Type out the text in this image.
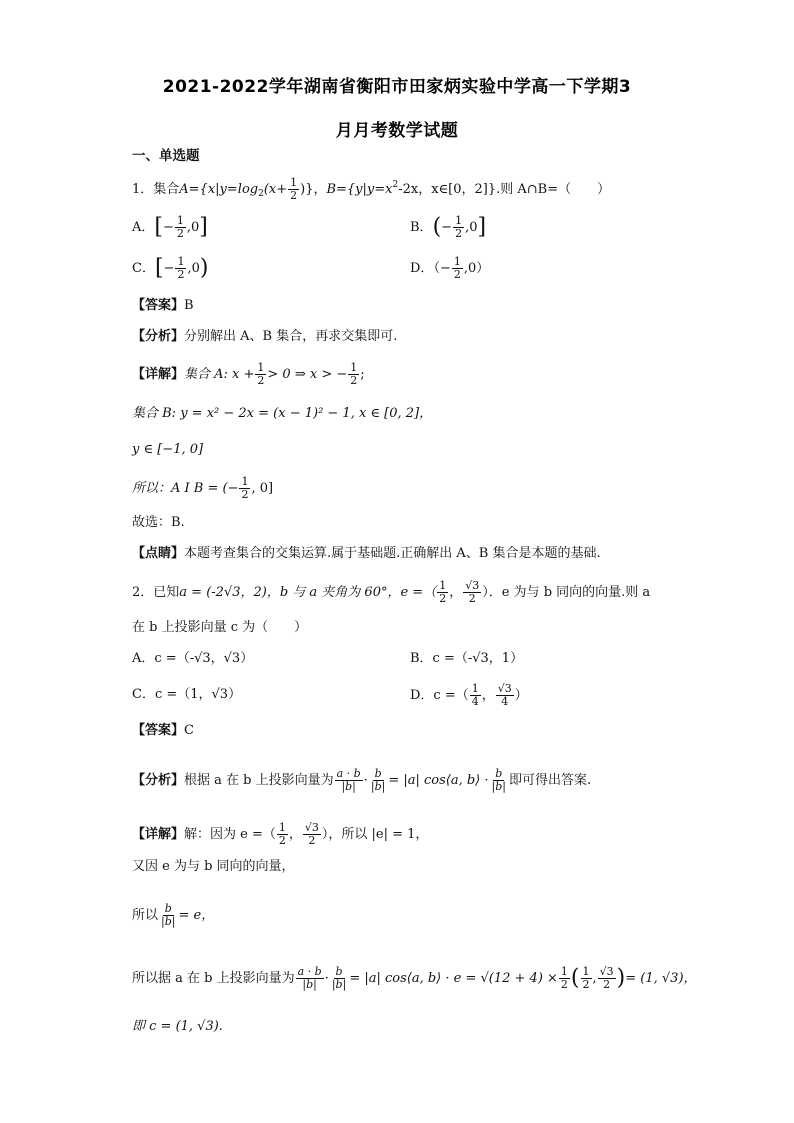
2021-2022学年湖南省衡阳市田家炳实验中学高一下学期3
月月考数学试题
一、单选题
1．集合$A=\{x|y=\log_2(x+ \frac{1}{2}$ )}，$B=\{y|y=x^2-2x$，x∈[0，2]}.则 A∩B=（　　）
A．[− $\frac{1}{2} ,0$]	B．(− $\frac{1}{2} ,0$]
C．[− $\frac{1}{2} ,0$)	D．（− $\frac{1}{2} ,0$）
【答案】B
【分析】分别解出 A、B 集合，再求交集即可.
【详解】集合 A: $x + \frac{1}{2} > 0$ ⇒ x > − $\frac{1}{2}$ ;
集合 B: y = x² − 2x = (x − 1)² − 1, x ∈ [0, 2]，
y ∈ [−1, 0]
所以：A I B = (− $\frac{1}{2}$ , 0]
故选：B.
【点睛】本题考查集合的交集运算.属于基础题.正确解出 A、B 集合是本题的基础.
2．已知a = (-2√3，2)，b 与 a 夹角为 60°，e =（ $\frac{1}{2}$ ， $\frac{√3}{2}$ ）．e 为与 b 同向的向量.则 a
在 b 上投影向量 c 为（　　）
A．c =（-√3，√3）	B．c =（-√3，1）
C．c =（1，√3）	D．c =（ $\frac{1}{4}$ ， $\frac{√3}{4}$ ）
【答案】C
【分析】根据 a 在 b 上投影向量为 $\frac{a \cdot b}{|b|} \cdot \frac{b}{|b|} = |a|$ cos⟨a, b⟩ · $\frac{b}{|b|}$ 即可得出答案.
【详解】解：因为 e =（ $\frac{1}{2}$ ， $\frac{√3}{2}$ ），所以 |e| = 1，
又因 e 为与 b 同向的向量，
所以 $\frac{b}{|b|} = e$，
所以据 a 在 b 上投影向量为 $\frac{a \cdot b}{|b|} \cdot \frac{b}{|b|} = |a|$ cos⟨a, b⟩ · $e = √(12 + 4) \times \frac{1}{2}$ ( $\frac{1}{2}$ , $\frac{√3}{2}$ )= (1, √3)，
即 c = (1, √3).
